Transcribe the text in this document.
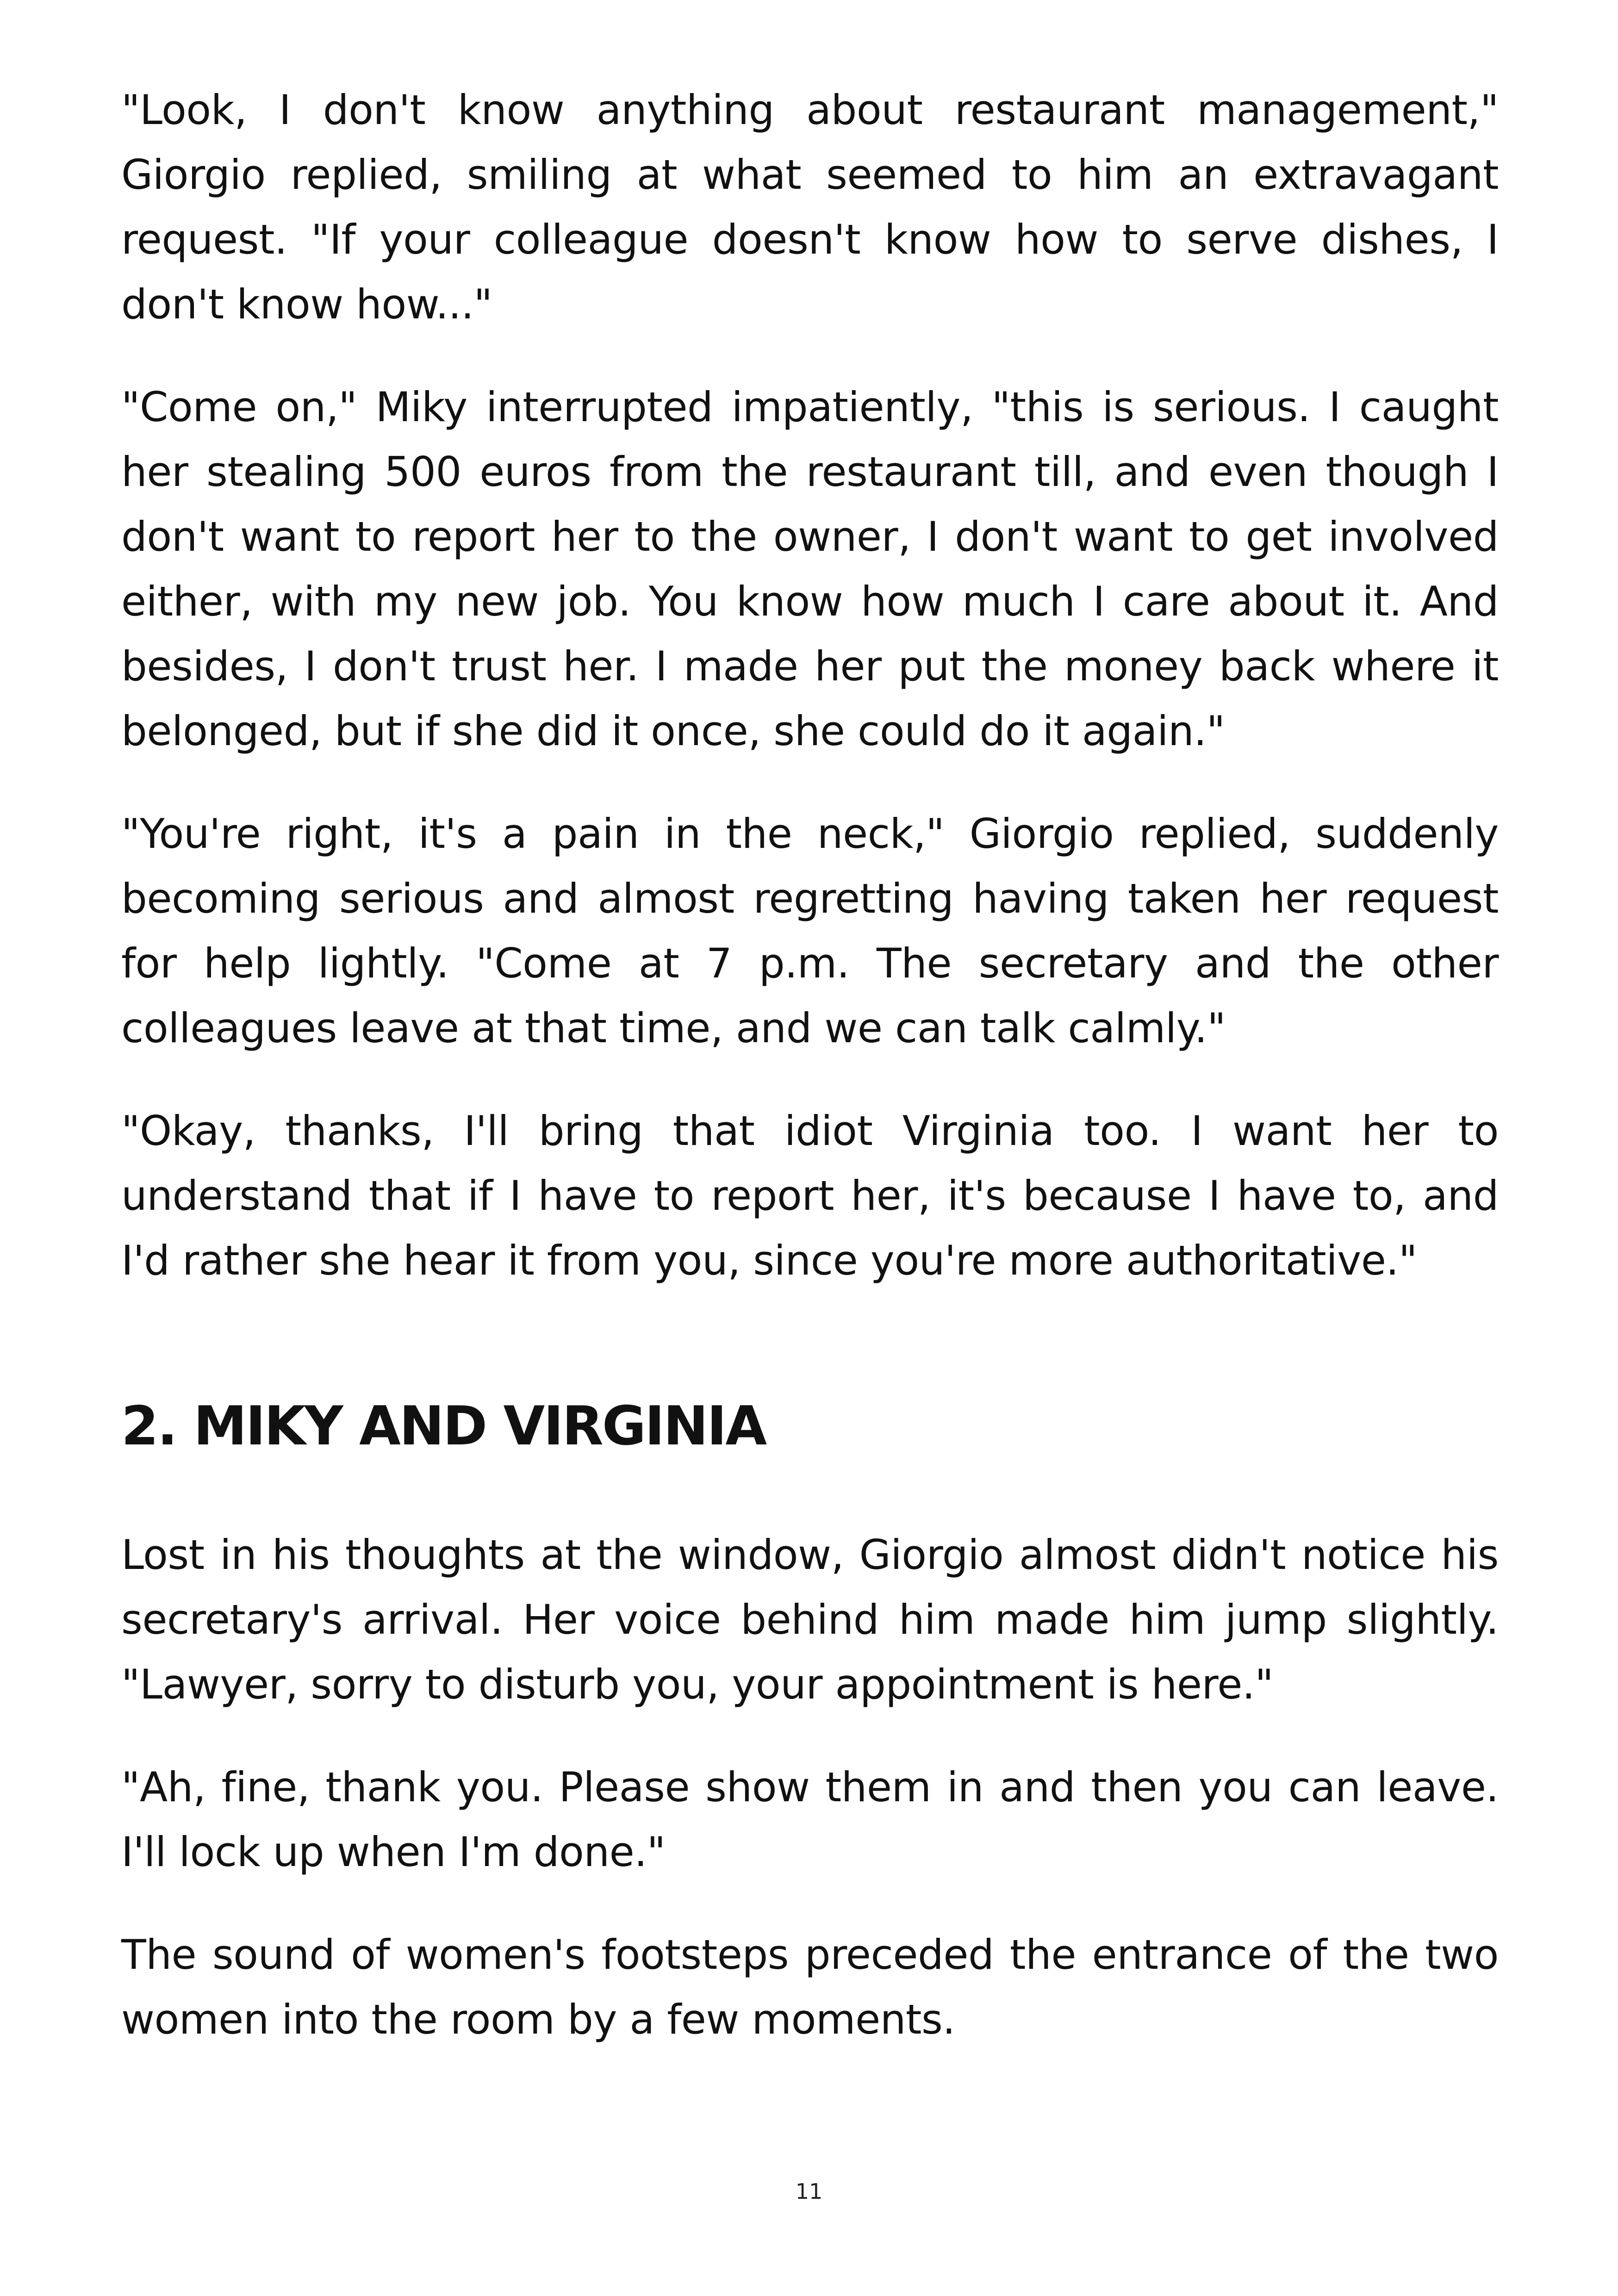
"Look, I don't know anything about restaurant management," Giorgio replied, smiling at what seemed to him an extravagant request. "If your colleague doesn't know how to serve dishes, I don't know how..."

"Come on," Miky interrupted impatiently, "this is serious. I caught her stealing 500 euros from the restaurant till, and even though I don't want to report her to the owner, I don't want to get involved either, with my new job. You know how much I care about it. And besides, I don't trust her. I made her put the money back where it belonged, but if she did it once, she could do it again."

"You're right, it's a pain in the neck," Giorgio replied, suddenly becoming serious and almost regretting having taken her request for help lightly. "Come at 7 p.m. The secretary and the other colleagues leave at that time, and we can talk calmly."

"Okay, thanks, I'll bring that idiot Virginia too. I want her to understand that if I have to report her, it's because I have to, and I'd rather she hear it from you, since you're more authoritative."

2. MIKY AND VIRGINIA

Lost in his thoughts at the window, Giorgio almost didn't notice his secretary's arrival. Her voice behind him made him jump slightly. "Lawyer, sorry to disturb you, your appointment is here."

"Ah, fine, thank you. Please show them in and then you can leave. I'll lock up when I'm done."

The sound of women's footsteps preceded the entrance of the two women into the room by a few moments.

11
